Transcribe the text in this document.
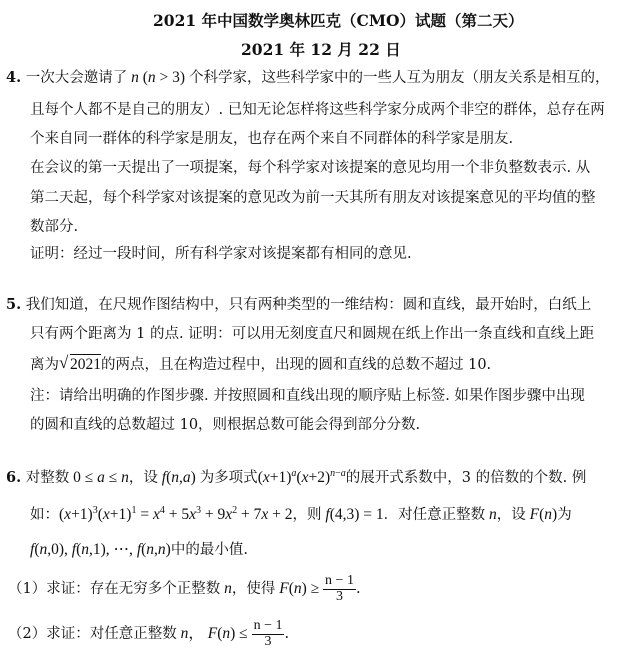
2021 年中国数学奥林匹克（CMO）试题（第二天）
2021 年 12 月 22 日
4. 一次大会邀请了 n (n > 3) 个科学家，这些科学家中的一些人互为朋友（朋友关系是相互的，
且每个人都不是自己的朋友）. 已知无论怎样将这些科学家分成两个非空的群体，总存在两
个来自同一群体的科学家是朋友，也存在两个来自不同群体的科学家是朋友.
在会议的第一天提出了一项提案，每个科学家对该提案的意见均用一个非负整数表示. 从
第二天起，每个科学家对该提案的意见改为前一天其所有朋友对该提案意见的平均值的整
数部分.
证明：经过一段时间，所有科学家对该提案都有相同的意见.
5. 我们知道，在尺规作图结构中，只有两种类型的一维结构：圆和直线，最开始时，白纸上
只有两个距离为 1 的点. 证明：可以用无刻度直尺和圆规在纸上作出一条直线和直线上距
离为 √ 2021的两点，且在构造过程中，出现的圆和直线的总数不超过 10.
注：请给出明确的作图步骤. 并按照圆和直线出现的顺序贴上标签. 如果作图步骤中出现
的圆和直线的总数超过 10，则根据总数可能会得到部分分数.
6. 对整数 0 ≤ a ≤ n，设 f(n,a) 为多项式$(x+1)^a(x+2)^{n-a}$的展开式系数中，3 的倍数的个数. 例
如：$(x+1)^3(x+1)^1 = x^4 + 5x^3 + 9x^2 + 7x + 2$，则 f(4,3) = 1．对任意正整数 n，设 F(n)为
f(n,0), f(n,1), ⋯, f(n,n)中的最小值.
（1）求证：存在无穷多个正整数 n，使得 $F(n) \ge \frac{n - 1}{3}$ .
（2）求证：对任意正整数 n， $F(n) \le \frac{n - 1}{3}$ .
